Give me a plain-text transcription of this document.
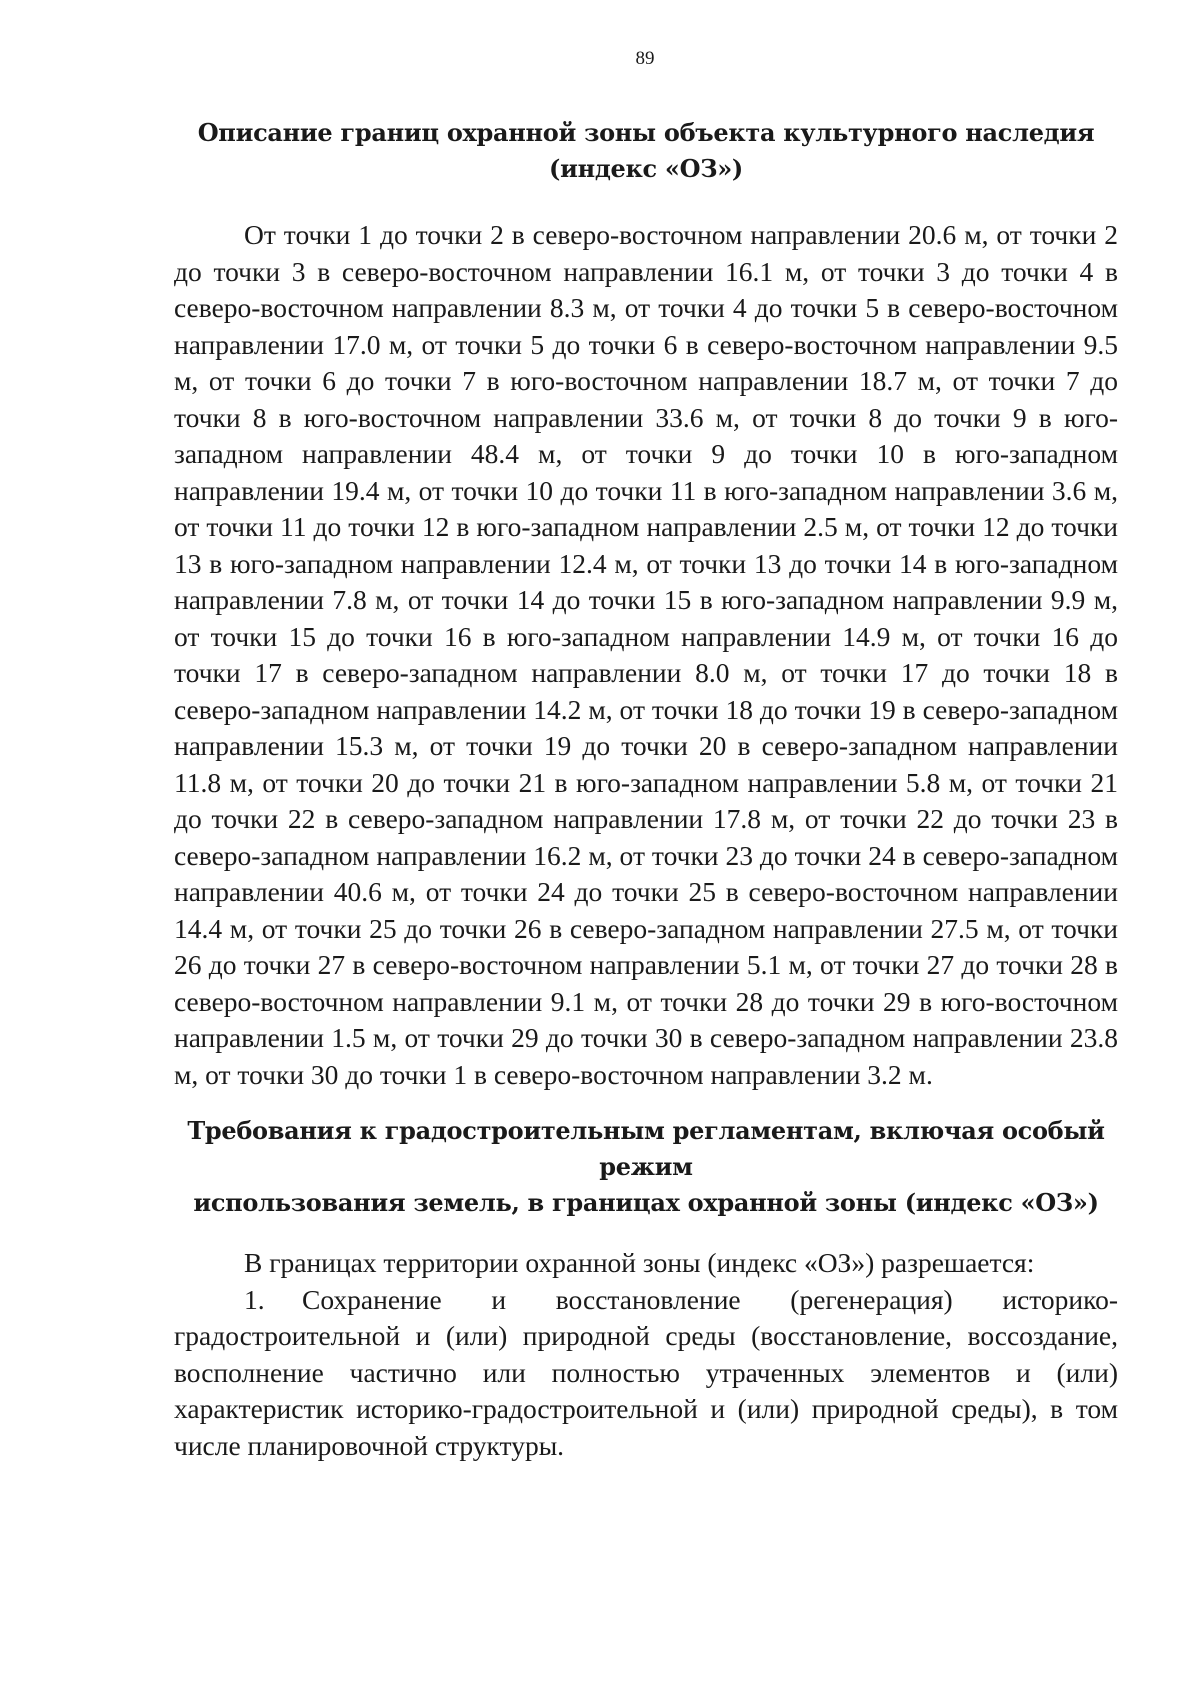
89
Описание границ охранной зоны объекта культурного наследия
(индекс «ОЗ»)

От точки 1 до точки 2 в северо-восточном направлении 20.6 м, от точки 2 до точки 3 в северо-восточном направлении 16.1 м, от точки 3 до точки 4 в северо-восточном направлении 8.3 м, от точки 4 до точки 5 в северо-восточном направлении 17.0 м, от точки 5 до точки 6 в северо-восточном направлении 9.5 м, от точки 6 до точки 7 в юго-восточном направлении 18.7 м, от точки 7 до точки 8 в юго-восточном направлении 33.6 м, от точки 8 до точки 9 в юго-западном направлении 48.4 м, от точки 9 до точки 10 в юго-западном направлении 19.4 м, от точки 10 до точки 11 в юго-западном направлении 3.6 м, от точки 11 до точки 12 в юго-западном направлении 2.5 м, от точки 12 до точки 13 в юго-западном направлении 12.4 м, от точки 13 до точки 14 в юго-западном направлении 7.8 м, от точки 14 до точки 15 в юго-западном направлении 9.9 м, от точки 15 до точки 16 в юго-западном направлении 14.9 м, от точки 16 до точки 17 в северо-западном направлении 8.0 м, от точки 17 до точки 18 в северо-западном направлении 14.2 м, от точки 18 до точки 19 в северо-западном направлении 15.3 м, от точки 19 до точки 20 в северо-западном направлении 11.8 м, от точки 20 до точки 21 в юго-западном направлении 5.8 м, от точки 21 до точки 22 в северо-западном направлении 17.8 м, от точки 22 до точки 23 в северо-западном направлении 16.2 м, от точки 23 до точки 24 в северо-западном направлении 40.6 м, от точки 24 до точки 25 в северо-восточном направлении 14.4 м, от точки 25 до точки 26 в северо-западном направлении 27.5 м, от точки 26 до точки 27 в северо-восточном направлении 5.1 м, от точки 27 до точки 28 в северо-восточном направлении 9.1 м, от точки 28 до точки 29 в юго-восточном направлении 1.5 м, от точки 29 до точки 30 в северо-западном направлении 23.8 м, от точки 30 до точки 1 в северо-восточном направлении 3.2 м.

Требования к градостроительным регламентам, включая особый режим
использования земель, в границах охранной зоны (индекс «ОЗ»)

В границах территории охранной зоны (индекс «ОЗ») разрешается:

1. Сохранение и восстановление (регенерация) историко-градостроительной и (или) природной среды (восстановление, воссоздание, восполнение частично или полностью утраченных элементов и (или) характеристик историко-градостроительной и (или) природной среды), в том числе планировочной структуры.
